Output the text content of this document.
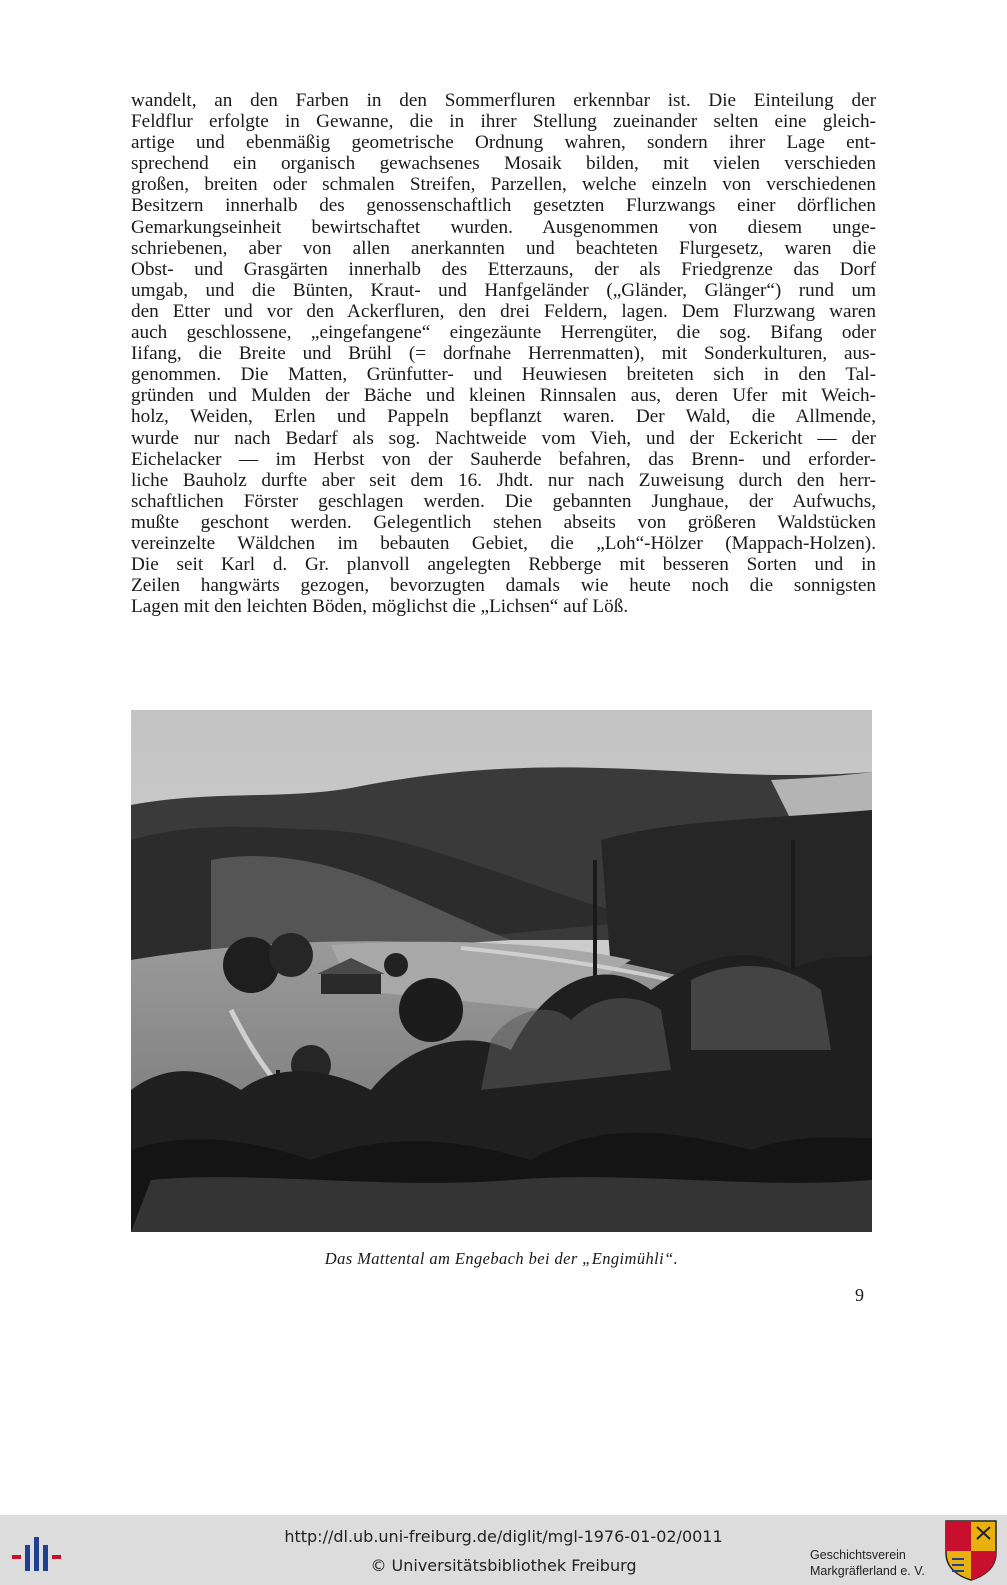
wandelt, an den Farben in den Sommerfluren erkennbar ist. Die Einteilung der
Feldflur erfolgte in Gewanne, die in ihrer Stellung zueinander selten eine gleich-
artige und ebenmäßig geometrische Ordnung wahren, sondern ihrer Lage ent-
sprechend ein organisch gewachsenes Mosaik bilden, mit vielen verschieden
großen, breiten oder schmalen Streifen, Parzellen, welche einzeln von verschiedenen
Besitzern innerhalb des genossenschaftlich gesetzten Flurzwangs einer dörflichen
Gemarkungseinheit bewirtschaftet wurden. Ausgenommen von diesem unge-
schriebenen, aber von allen anerkannten und beachteten Flurgesetz, waren die
Obst- und Grasgärten innerhalb des Etterzauns, der als Friedgrenze das Dorf
umgab, und die Bünten, Kraut- und Hanfgeländer („Gländer, Glänger“) rund um
den Etter und vor den Ackerfluren, den drei Feldern, lagen. Dem Flurzwang waren
auch geschlossene, „eingefangene“ eingezäunte Herrengüter, die sog. Bifang oder
Iifang, die Breite und Brühl (= dorfnahe Herrenmatten), mit Sonderkulturen, aus-
genommen. Die Matten, Grünfutter- und Heuwiesen breiteten sich in den Tal-
gründen und Mulden der Bäche und kleinen Rinnsalen aus, deren Ufer mit Weich-
holz, Weiden, Erlen und Pappeln bepflanzt waren. Der Wald, die Allmende,
wurde nur nach Bedarf als sog. Nachtweide vom Vieh, und der Eckericht — der
Eichelacker — im Herbst von der Sauherde befahren, das Brenn- und erforder-
liche Bauholz durfte aber seit dem 16. Jhdt. nur nach Zuweisung durch den herr-
schaftlichen Förster geschlagen werden. Die gebannten Junghaue, der Aufwuchs,
mußte geschont werden. Gelegentlich stehen abseits von größeren Waldstücken
vereinzelte Wäldchen im bebauten Gebiet, die „Loh“-Hölzer (Mappach-Holzen).
Die seit Karl d. Gr. planvoll angelegten Rebberge mit besseren Sorten und in
Zeilen hangwärts gezogen, bevorzugten damals wie heute noch die sonnigsten
Lagen mit den leichten Böden, möglichst die „Lichsen“ auf Löß.
Das Mattental am Engebach bei der „Engimühli“.
9
http://dl.ub.uni-freiburg.de/diglit/mgl-1976-01-02/0011
© Universitätsbibliothek Freiburg
Geschichtsverein
Markgräflerland e. V.
